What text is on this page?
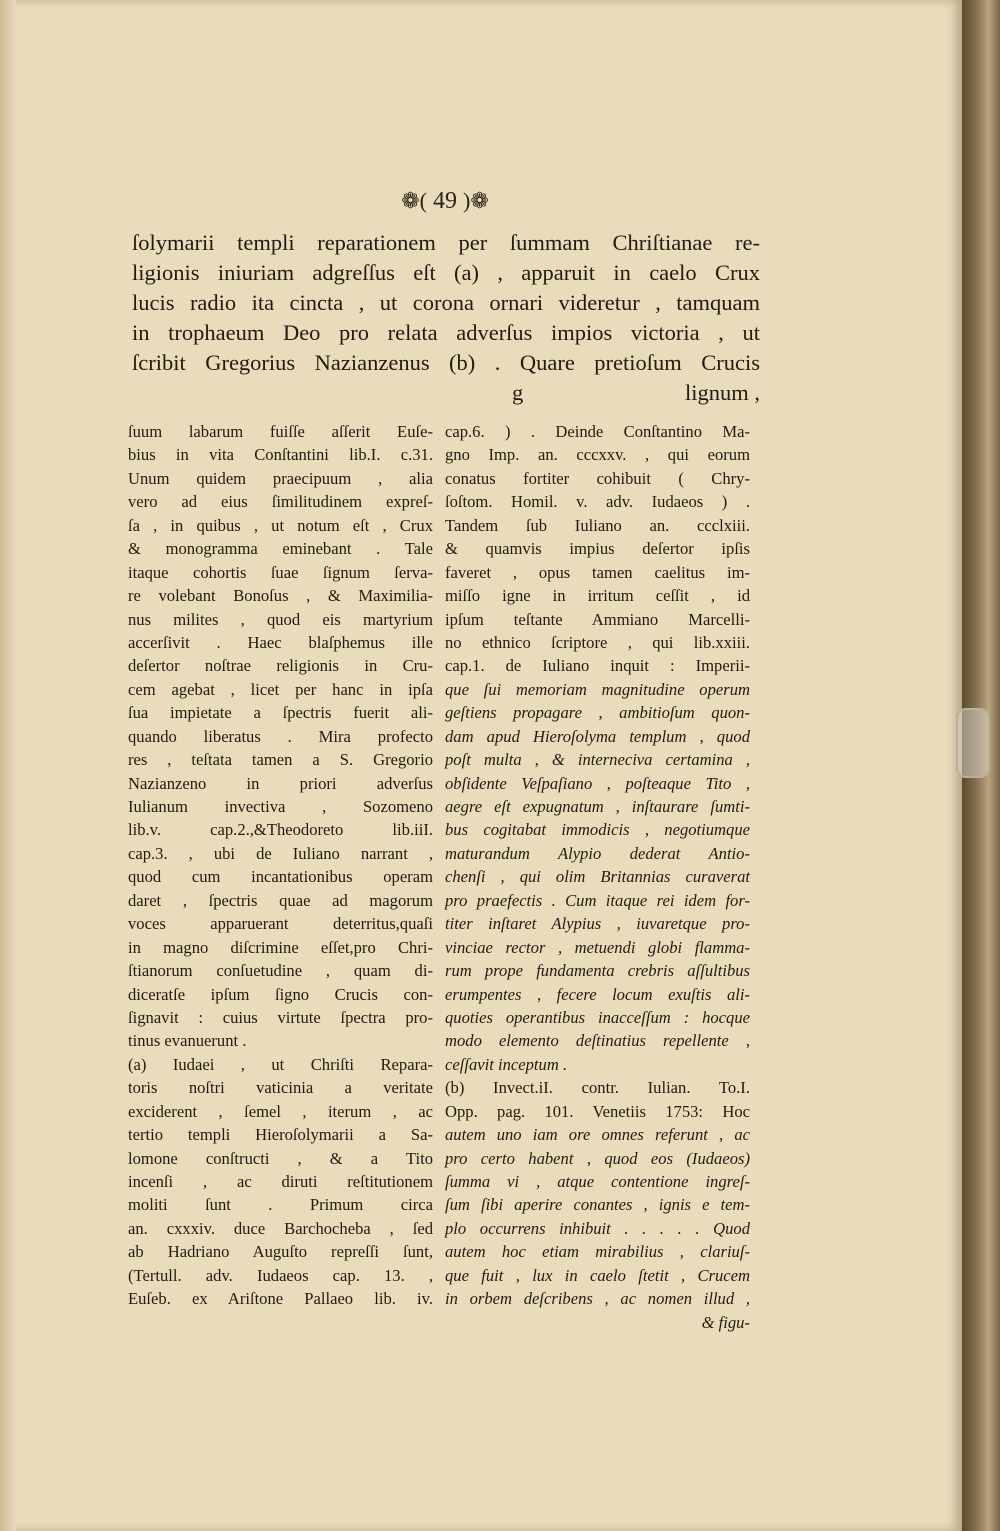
❁( 49 )❁
ſolymarii templi reparationem per ſummam Chriſtianae re-
ligionis iniuriam adgreſſus eſt (a) , apparuit in caelo Crux
lucis radio ita cincta , ut corona ornari videretur , tamquam
in trophaeum Deo pro relata adverſus impios victoria , ut
ſcribit Gregorius Nazianzenus (b) . Quare pretioſum Crucis
g	lignum ,
ſuum labarum fuiſſe aſſerit Euſe-
bius in vita Conſtantini lib.I. c.31.
Unum quidem praecipuum , alia
vero ad eius ſimilitudinem expreſ-
ſa , in quibus , ut notum eſt , Crux
& monogramma eminebant . Tale
itaque cohortis ſuae ſignum ſerva-
re volebant Bonoſus , & Maximilia-
nus milites , quod eis martyrium
accerſivit . Haec blaſphemus ille
deſertor noſtrae religionis in Cru-
cem agebat , licet per hanc in ipſa
ſua impietate a ſpectris fuerit ali-
quando liberatus . Mira profecto
res , teſtata tamen a S. Gregorio
Nazianzeno in priori adverſus
Iulianum invectiva , Sozomeno
lib.v. cap.2.,&Theodoreto lib.iiI.
cap.3. , ubi de Iuliano narrant ,
quod cum incantationibus operam
daret , ſpectris quae ad magorum
voces apparuerant deterritus,quaſi
in magno diſcrimine eſſet,pro Chri-
ſtianorum conſuetudine , quam di-
diceratſe ipſum ſigno Crucis con-
ſignavit : cuius virtute ſpectra pro-
tinus evanuerunt .
(a) Iudaei , ut Chriſti Repara-
toris noſtri vaticinia a veritate
exciderent , ſemel , iterum , ac
tertio templi Hieroſolymarii a Sa-
lomone conſtructi , & a Tito
incenſi , ac diruti reſtitutionem
moliti ſunt . Primum circa
an. cxxxiv. duce Barchocheba , ſed
ab Hadriano Auguſto repreſſi ſunt,
(Tertull. adv. Iudaeos cap. 13. ,
Euſeb. ex Ariſtone Pallaeo lib. iv.
cap.6. ) . Deinde Conſtantino Ma-
gno Imp. an. cccxxv. , qui eorum
conatus fortiter cohibuit ( Chry-
ſoſtom. Homil. v. adv. Iudaeos ) .
Tandem ſub Iuliano an. ccclxiii.
& quamvis impius deſertor ipſis
faveret , opus tamen caelitus im-
miſſo igne in irritum ceſſit , id
ipſum teſtante Ammiano Marcelli-
no ethnico ſcriptore , qui lib.xxiii.
cap.1. de Iuliano inquit : Imperii-
que ſui memoriam magnitudine operum
geſtiens propagare , ambitioſum quon-
dam apud Hieroſolyma templum , quod
poſt multa , & interneciva certamina ,
obſidente Veſpaſiano , poſteaque Tito ,
aegre eſt expugnatum , inſtaurare ſumti-
bus cogitabat immodicis , negotiumque
maturandum Alypio dederat Antio-
chenſi , qui olim Britannias curaverat
pro praefectis . Cum itaque rei idem for-
titer inſtaret Alypius , iuvaretque pro-
vinciae rector , metuendi globi flamma-
rum prope fundamenta crebris aſſultibus
erumpentes , fecere locum exuſtis ali-
quoties operantibus inacceſſum : hocque
modo elemento deſtinatius repellente ,
ceſſavit inceptum .
(b) Invect.iI. contr. Iulian. To.I.
Opp. pag. 101. Venetiis 1753: Hoc
autem uno iam ore omnes referunt , ac
pro certo habent , quod eos (Iudaeos)
ſumma vi , atque contentione ingreſ-
ſum ſibi aperire conantes , ignis e tem-
plo occurrens inhibuit . . . . . Quod
autem hoc etiam mirabilius , clariuſ-
que fuit , lux in caelo ſtetit , Crucem
in orbem deſcribens , ac nomen illud ,
& figu-
